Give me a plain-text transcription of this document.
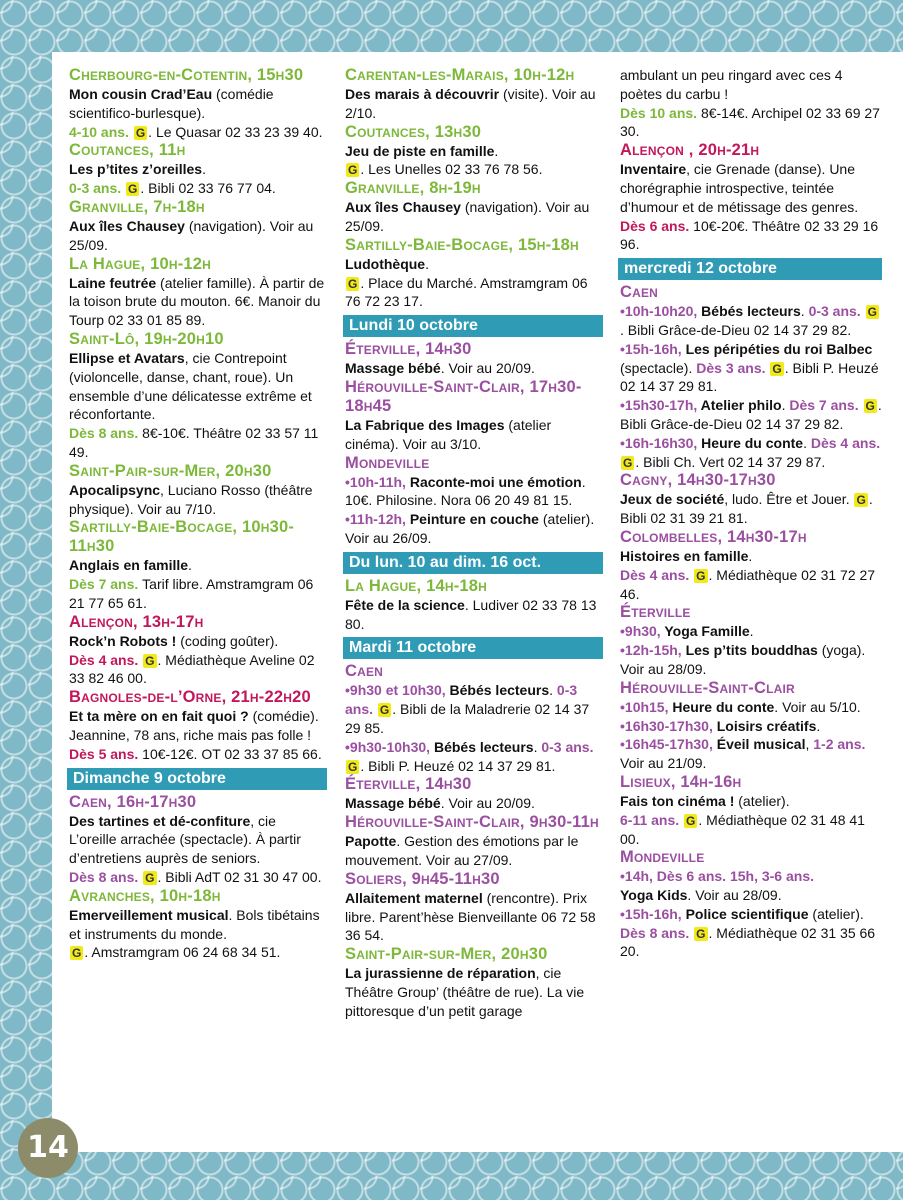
Cherbourg-en-Cotentin, 15h30
Mon cousin Crad’Eau (comédie scientifico-burlesque).
4-10 ans. G . Le Quasar 02 33 23 39 40.
Coutances, 11h
Les p’tites z’oreilles.
0-3 ans. G . Bibli 02 33 76 77 04.
Granville, 7h-18h
Aux îles Chausey (navigation). Voir au 25/09.
La Hague, 10h-12h
Laine feutrée (atelier famille). À partir de la toison brute du mouton. 6€. Manoir du Tourp 02 33 01 85 89.
Saint-Lô, 19h-20h10
Ellipse et Avatars, cie Contrepoint (violoncelle, danse, chant, roue). Un ensemble d’une délicatesse extrême et réconfortante.
Dès 8 ans. 8€-10€. Théâtre 02 33 57 11 49.
Saint-Pair-sur-Mer, 20h30
Apocalipsync, Luciano Rosso (théâtre physique). Voir au 7/10.
Sartilly-Baie-Bocage, 10h30-11h30
Anglais en famille.
Dès 7 ans. Tarif libre. Amstramgram 06 21 77 65 61.
Alençon, 13h-17h
Rock’n Robots ! (coding goûter).
Dès 4 ans. G . Médiathèque Aveline 02 33 82 46 00.
Bagnoles-de-l’Orne, 21h-22h20
Et ta mère on en fait quoi ? (comédie). Jeannine, 78 ans, riche mais pas folle !
Dès 5 ans. 10€-12€. OT 02 33 37 85 66.
Dimanche 9 octobre
Caen, 16h-17h30
Des tartines et dé-confiture, cie L’oreille arrachée (spectacle). À partir d’entretiens auprès de seniors.
Dès 8 ans. G . Bibli AdT 02 31 30 47 00.
Avranches, 10h-18h
Emerveillement musical. Bols tibétains et instruments du monde.
G . Amstramgram 06 24 68 34 51.
Carentan-les-Marais, 10h-12h
Des marais à découvrir (visite). Voir au 2/10.
Coutances, 13h30
Jeu de piste en famille.
G . Les Unelles 02 33 76 78 56.
Granville, 8h-19h
Aux îles Chausey (navigation). Voir au 25/09.
Sartilly-Baie-Bocage, 15h-18h
Ludothèque.
G . Place du Marché. Amstramgram 06 76 72 23 17.
Lundi 10 octobre
Éterville, 14h30
Massage bébé. Voir au 20/09.
Hérouville-Saint-Clair, 17h30-18h45
La Fabrique des Images (atelier cinéma). Voir au 3/10.
Mondeville
•10h-11h, Raconte-moi une émotion. 10€. Philosine. Nora 06 20 49 81 15.
•11h-12h, Peinture en couche (atelier). Voir au 26/09.
Du lun. 10 au dim. 16 oct.
La Hague, 14h-18h
Fête de la science. Ludiver 02 33 78 13 80.
Mardi 11 octobre
Caen
•9h30 et 10h30, Bébés lecteurs. 0-3 ans. G . Bibli de la Maladrerie 02 14 37 29 85.
•9h30-10h30, Bébés lecteurs. 0-3 ans. G . Bibli P. Heuzé 02 14 37 29 81.
Éterville, 14h30
Massage bébé. Voir au 20/09.
Hérouville-Saint-Clair, 9h30-11h
Papotte. Gestion des émotions par le mouvement. Voir au 27/09.
Soliers, 9h45-11h30
Allaitement maternel (rencontre). Prix libre. Parent’hèse Bienveillante 06 72 58 36 54.
Saint-Pair-sur-Mer, 20h30
La jurassienne de réparation, cie Théâtre Group’ (théâtre de rue). La vie pittoresque d’un petit garage
ambulant un peu ringard avec ces 4 poètes du carbu !
Dès 10 ans. 8€-14€. Archipel 02 33 69 27 30.
Alençon , 20h-21h
Inventaire, cie Grenade (danse). Une chorégraphie introspective, teintée d’humour et de métissage des genres.
Dès 6 ans. 10€-20€. Théâtre 02 33 29 16 96.
mercredi 12 octobre
Caen
•10h-10h20, Bébés lecteurs. 0-3 ans. G. Bibli Grâce-de-Dieu 02 14 37 29 82.
•15h-16h, Les péripéties du roi Balbec (spectacle). Dès 3 ans. G . Bibli P. Heuzé 02 14 37 29 81.
•15h30-17h, Atelier philo. Dès 7 ans. G . Bibli Grâce-de-Dieu 02 14 37 29 82.
•16h-16h30, Heure du conte. Dès 4 ans. G . Bibli Ch. Vert 02 14 37 29 87.
Cagny, 14h30-17h30
Jeux de société, ludo. Être et Jouer. G . Bibli 02 31 39 21 81.
Colombelles, 14h30-17h
Histoires en famille.
Dès 4 ans. G . Médiathèque 02 31 72 27 46.
Éterville
•9h30, Yoga Famille.
•12h-15h, Les p’tits bouddhas (yoga). Voir au 28/09.
Hérouville-Saint-Clair
•10h15, Heure du conte. Voir au 5/10.
•16h30-17h30, Loisirs créatifs.
•16h45-17h30, Éveil musical, 1-2 ans. Voir au 21/09.
Lisieux, 14h-16h
Fais ton cinéma ! (atelier).
6-11 ans. G . Médiathèque 02 31 48 41 00.
Mondeville
•14h, Dès 6 ans. 15h, 3-6 ans.
Yoga Kids. Voir au 28/09.
•15h-16h, Police scientifique (atelier). Dès 8 ans. G . Médiathèque 02 31 35 66 20.
14
